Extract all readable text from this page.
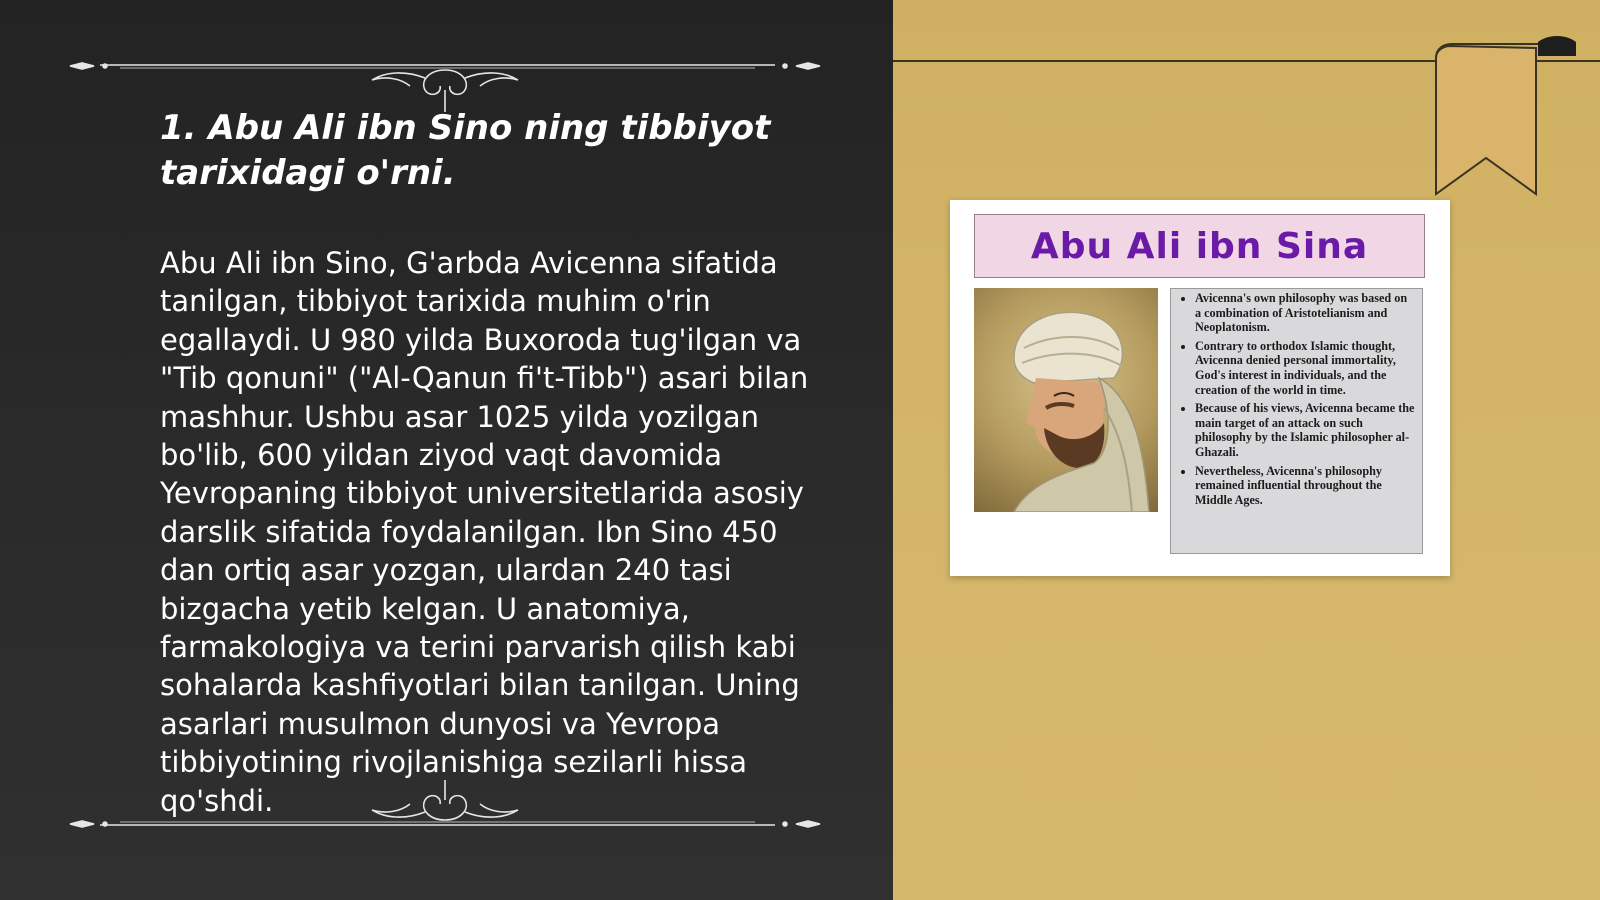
1. Abu Ali ibn Sino ning tibbiyot tarixidagi o'rni.
Abu Ali ibn Sino, G'arbda Avicenna sifatida tanilgan, tibbiyot tarixida muhim o'rin egallaydi. U 980 yilda Buxoroda tug'ilgan va "Tib qonuni" ("Al-Qanun fi't-Tibb") asari bilan mashhur. Ushbu asar 1025 yilda yozilgan bo'lib, 600 yildan ziyod vaqt davomida Yevropaning tibbiyot universitetlarida asosiy darslik sifatida foydalanilgan. Ibn Sino 450 dan ortiq asar yozgan, ulardan 240 tasi bizgacha yetib kelgan. U anatomiya, farmakologiya va terini parvarish qilish kabi sohalarda kashfiyotlari bilan tanilgan. Uning asarlari musulmon dunyosi va Yevropa tibbiyotining rivojlanishiga sezilarli hissa qo'shdi.
Abu Ali ibn Sina
• Avicenna's own philosophy was based on a combination of Aristotelianism and Neoplatonism.
• Contrary to orthodox Islamic thought, Avicenna denied personal immortality, God's interest in individuals, and the creation of the world in time.
• Because of his views, Avicenna became the main target of an attack on such philosophy by the Islamic philosopher al-Ghazali.
• Nevertheless, Avicenna's philosophy remained influential throughout the Middle Ages.
